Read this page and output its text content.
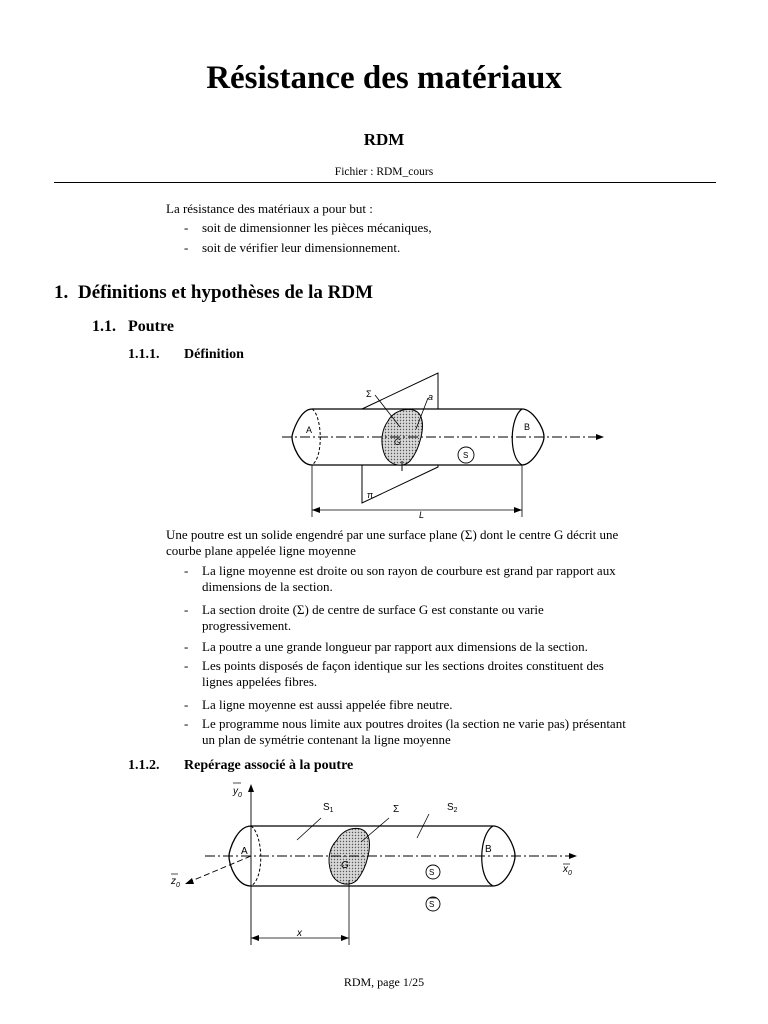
Résistance des matériaux
RDM
Fichier : RDM_cours
La résistance des matériaux a pour but :
- soit de dimensionner les pièces mécaniques,
- soit de vérifier leur dimensionnement.
1. Définitions et hypothèses de la RDM
1.1. Poutre
1.1.1. Définition
A	B
G
Σ	a
S
π
L
Une poutre est un solide engendré par une surface plane (Σ) dont le centre G décrit une
courbe plane appelée ligne moyenne
- La ligne moyenne est droite ou son rayon de courbure est grand par rapport aux
dimensions de la section.
- La section droite (Σ) de centre de surface G est constante ou varie
progressivement.
- La poutre a une grande longueur par rapport aux dimensions de la section.
- Les points disposés de façon identique sur les sections droites constituent des
lignes appelées fibres.
- La ligne moyenne est aussi appelée fibre neutre.
- Le programme nous limite aux poutres droites (la section ne varie pas) présentant
un plan de symétrie contenant la ligne moyenne
1.1.2. Repérage associé à la poutre
$y_0$
$S_1$	Σ	$S_2$
A	B
G
S
S
$x_0$
$z_0$
x
RDM, page 1/25
